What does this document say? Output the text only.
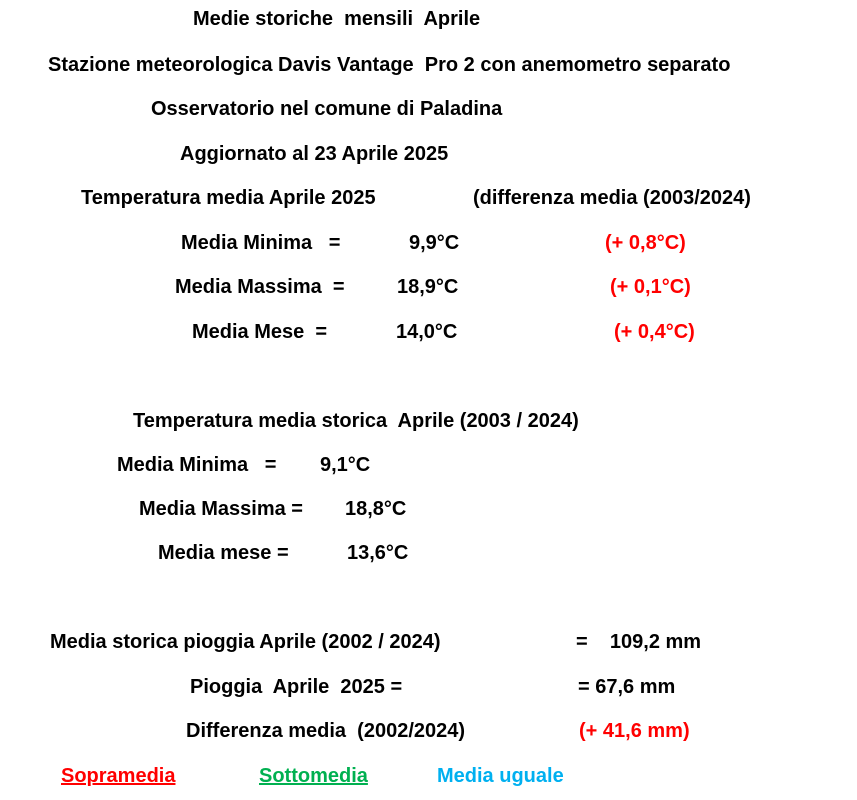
Medie storiche  mensili  Aprile
Stazione meteorologica Davis Vantage  Pro 2 con anemometro separato
Osservatorio nel comune di Paladina
Aggiornato al 23 Aprile 2025
Temperatura media Aprile 2025	(differenza media (2003/2024)
Media Minima   =	9,9°C	(+ 0,8°C)
Media Massima  =	18,9°C	(+ 0,1°C)
Media Mese  =	14,0°C	(+ 0,4°C)
Temperatura media storica  Aprile (2003 / 2024)
Media Minima   = 9,1°C
Media Massima = 18,8°C
Media mese =	13,6°C
Media storica pioggia Aprile (2002 / 2024)	=    109,2 mm
Pioggia  Aprile  2025 =	= 67,6 mm
Differenza media  (2002/2024)	(+ 41,6 mm)
Sopramedia	Sottomedia	Media uguale
